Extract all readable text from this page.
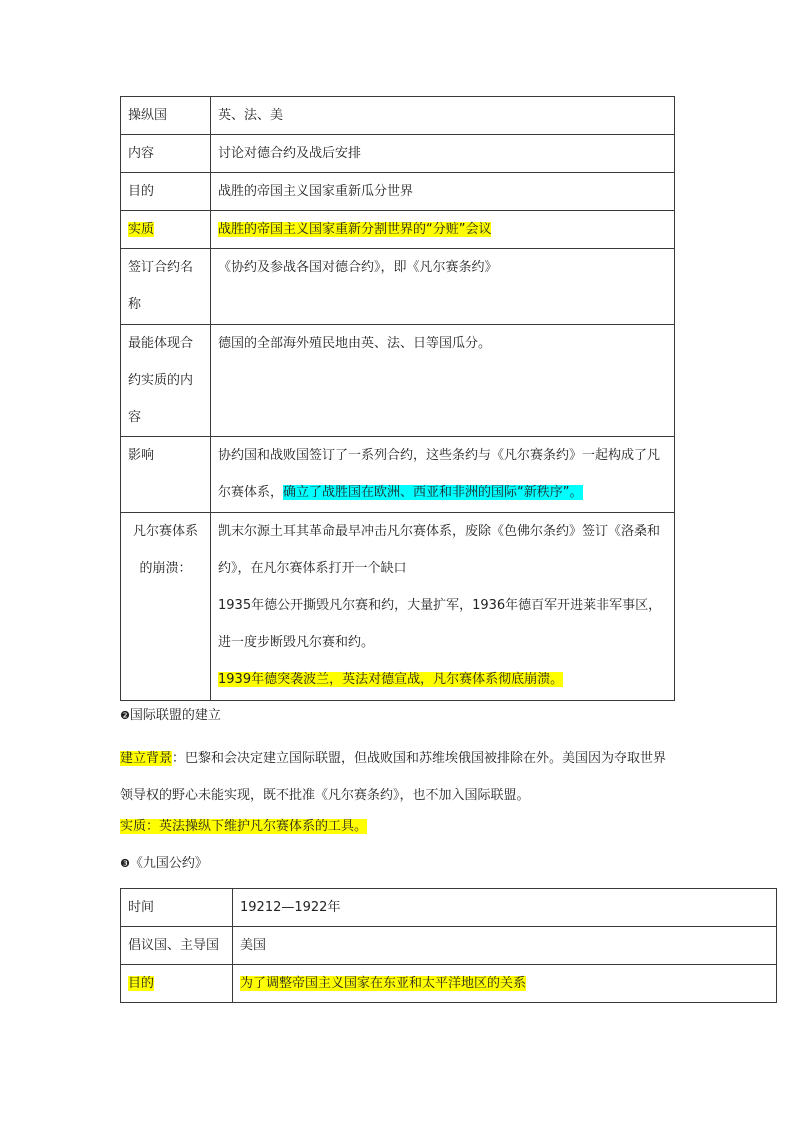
操纵国	英、法、美
内容	讨论对德合约及战后安排
目的	战胜的帝国主义国家重新瓜分世界
实质	战胜的帝国主义国家重新分割世界的“分赃”会议
签订合约名称	《协约及参战各国对德合约》，即《凡尔赛条约》
最能体现合约实质的内容	德国的全部海外殖民地由英、法、日等国瓜分。
影响	协约国和战败国签订了一系列合约，这些条约与《凡尔赛条约》一起构成了凡尔赛体系，确立了战胜国在欧洲、西亚和非洲的国际“新秩序”。
凡尔赛体系的崩溃：	凯末尔源土耳其革命最早冲击凡尔赛体系，废除《色佛尔条约》签订《洛桑和约》，在凡尔赛体系打开一个缺口
1935年德公开撕毁凡尔赛和约，大量扩军，1936年德百军开进莱非军事区，进一度步断毁凡尔赛和约。
1939年德突袭波兰，英法对德宣战，凡尔赛体系彻底崩溃。
❷国际联盟的建立
建立背景：巴黎和会决定建立国际联盟，但战败国和苏维埃俄国被排除在外。美国因为夺取世界领导权的野心未能实现，既不批准《凡尔赛条约》，也不加入国际联盟。
实质：英法操纵下维护凡尔赛体系的工具。
❸《九国公约》
时间	19212—1922年
倡议国、主导国	美国
目的	为了调整帝国主义国家在东亚和太平洋地区的关系
